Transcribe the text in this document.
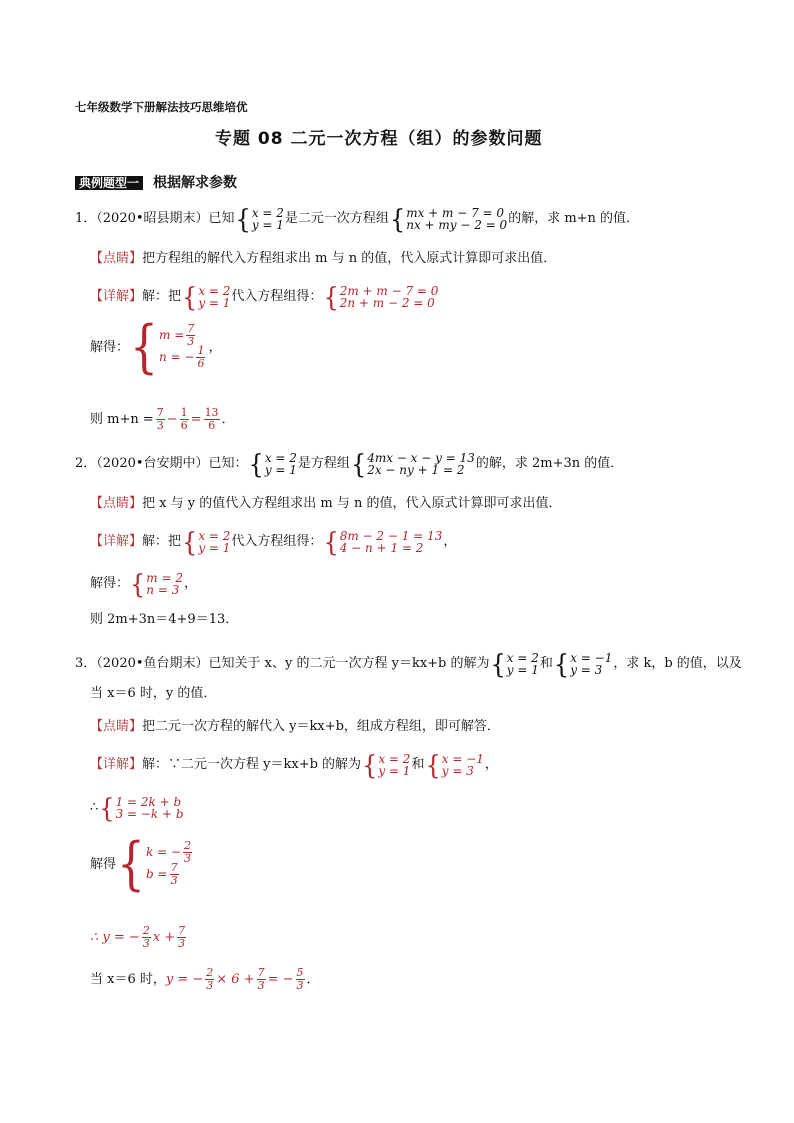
七年级数学下册解法技巧思维培优
专题 08 二元一次方程（组）的参数问题
典例题型一 根据解求参数
1．（2020•昭县期末）已知 { x = 2
y = 1 是二元一次方程组 { mx + m − 7 = 0
nx + my − 2 = 0 的解，求 m+n 的值．
【点睛】 把方程组的解代入方程组求出 m 与 n 的值，代入原式计算即可求出值．
【详解】 解：把 { x = 2
y = 1 代入方程组得： { 2m + m − 7 = 0
2n + m − 2 = 0
解得： { $m = \frac{7}{3}$
n = − $\frac{1}{6}$ ，
则 $m+n = \frac{7}{3} - \frac{1}{6} = \frac{13}{6}$ ．
2．（2020•台安期中）已知： { x = 2
y = 1 是方程组 { 4mx − x − y = 13
2x − ny + 1 = 2 的解，求 2m+3n 的值．
【点睛】 把 x 与 y 的值代入方程组求出 m 与 n 的值，代入原式计算即可求出值．
【详解】 解：把 { x = 2
y = 1 代入方程组得： { 8m − 2 − 1 = 13
4 − n + 1 = 2	，
解得： { m = 2
n = 3 ，
则 2m+3n＝4+9＝13．
3．（2020•鱼台期末）已知关于 x、y 的二元一次方程 y＝kx+b 的解为 { x = 2
y = 1 和 { x = −1
y = 3 ，求 k，b 的值，以及
当 x＝6 时，y 的值．
【点睛】 把二元一次方程的解代入 y＝kx+b，组成方程组，即可解答．
【详解】 解：∵二元一次方程 y＝kx+b 的解为 { x = 2
y = 1 和 { x = −1
y = 3 ，
∴ { 1 = 2k + b
3 = −k + b
解得 { k = − $\frac{2}{3}$
$b = \frac{7}{3}$
∴ y = − $\frac{2}{3}$ $x + \frac{7}{3}$
当 x＝6 时， y = − $\frac{2}{3} \times 6 + \frac{7}{3}$ = − $\frac{5}{3}$ ．
